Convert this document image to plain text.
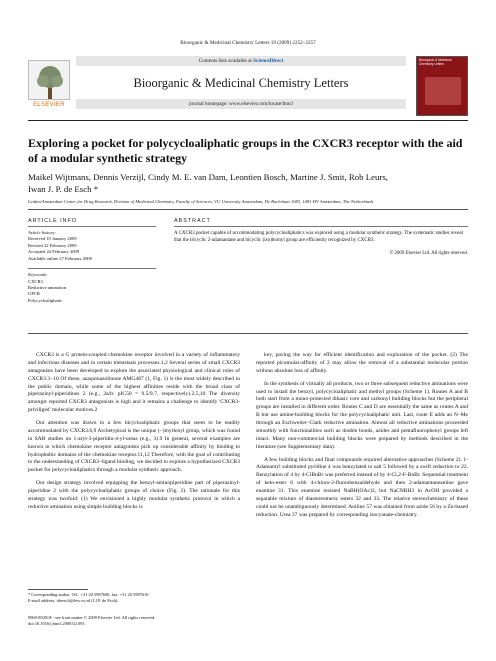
Bioorganic & Medicinal Chemistry Letters 19 (2009) 2252–2257
ELSEVIER
Contents lists available at ScienceDirect
Bioorganic & Medicinal Chemistry Letters
journal homepage: www.elsevier.com/locate/bmcl
Bioorganic & Medicinal Chemistry Letters
Exploring a pocket for polycycloaliphatic groups in the CXCR3 receptor with the aid of a modular synthetic strategy
Maikel Wijtmans, Dennis Verzijl, Cindy M. E. van Dam, Leontien Bosch, Martine J. Smit, Rob Leurs,
Iwan J. P. de Esch *
Leiden/Amsterdam Center for Drug Research, Division of Medicinal Chemistry, Faculty of Sciences, VU University Amsterdam, De Boelelaan 1083, 1081 HV Amsterdam, The Netherlands
ARTICLE INFO
Article history:
Received 10 January 2009
Revised 22 February 2009
Accepted 24 February 2009
Available online 27 February 2009
Keywords:
CXCR3
Reductive amination
GPCR
Polycycloaliphatic
ABSTRACT

A CXCR3 pocket capable of accommodating polycycloaliphatics was explored using a modular synthetic strategy. The systematic studies reveal that the tricyclic 2-adamantane and bicyclic (iso)bornyl group are efficiently recognized by CXCR3.

© 2009 Elsevier Ltd. All rights reserved.

CXCR3 is a G protein-coupled chemokine receptor involved in a variety of inflammatory and infectious diseases and in certain metastasis processes.1,2 Several series of small CXCR3 antagonists have been developed to explore the associated physiological and clinical roles of CXCR3.3−10 Of these, azaquinazolinone AMG487 (1, Fig. 1) is the most widely described in the public domain, while some of the highest affinities reside with the broad class of piperazinyl-piperidines 2 (e.g., 2a/b: pIC50 = 9.5/9.7, respectively).2,5,10 The diversity amongst reported CXCR3 antagonists is high and it remains a challenge to identify 'CXCR3-priviliged' molecular motives.2

Our attention was drawn to a few bicycloaliphatic groups that seem to be readily accommodated by CXCR3.6,9 Archetypical is the unique (−)myrtenyl group, which was found in SAR studies on 1-aryl-3-piperidin-4-yl-ureas (e.g., 3).9 In general, several examples are known in which chemokine receptor antagonists pick up considerable affinity by binding to hydrophobic domains of the chemokine receptor.11,12 Therefore, with the goal of contributing to the understanding of CXCR3–ligand binding, we decided to explore a hypothesized CXCR3 pocket for polycycloaliphatics through a modular synthetic approach.

Our design strategy involved equipping the benzyl-aminopiperidine part of piperazinyl-piperidine 2 with the polycycloaliphatic groups of choice (Fig. 2). The rationale for this strategy was twofold: (1) We envisioned a highly modular synthetic protocol in which a reductive amination using simple building blocks is

key, paving the way for efficient identification and exploration of the pocket. (2) The reported picomolar-affinity of 2 may allow the removal of a substantial molecular portion without absolute loss of affinity.

In the synthesis of virtually all products, two or three subsequent reductive aminations were used to install the benzyl, polycycloaliphatic and methyl groups (Scheme 1). Routes A and B both start from a mono-protected dibasic core and carbonyl building blocks but the peripheral groups are installed in different order. Routes C and D are essentially the same as routes A and B but use amine-building blocks for the polycycloaliphatic unit. Last, route E adds an N–Me through an Eschweiler–Clark reductive amination. Almost all reductive aminations proceeded smoothly with functionalities such as double bonds, azides and pentafluorophenyl groups left intact. Many non-commercial building blocks were prepared by methods described in the literature (see Supplementary data).

A few building blocks and final compounds required alternative approaches (Scheme 2). 1-Adamantyl substituted pyridine 4 was benzylated to salt 5 followed by a swift reduction to 22. Benzylation of 4 by 4-ClBnBr was preferred instead of by 4-Cl,2-F-BnBr. Sequential treatment of keto-ester 6 with 4-chloro-2-fluorobenzaldehyde and then 2-adamantaneamine gave enamine 31. This enamine resisted NaBH(OAc)3, but NaCNBH3 in AcOH provided a separable mixture of diastereomeric esters 32 and 33. The relative stereochemistry of these could not be unambiguously determined. Aniline 57 was obtained from azide 56 by a Zn-based reduction. Urea 37 was prepared by corresponding isocyanate-chemistry.

* Corresponding author. Tel.: +31 20 5987600; fax: +31 20 5987610.
E-mail address: ideesch@few.vu.nl (I.J.P. de Esch).
0960-894X/$ - see front matter © 2009 Elsevier Ltd. All rights reserved.
doi:10.1016/j.bmcl.2009.02.093
